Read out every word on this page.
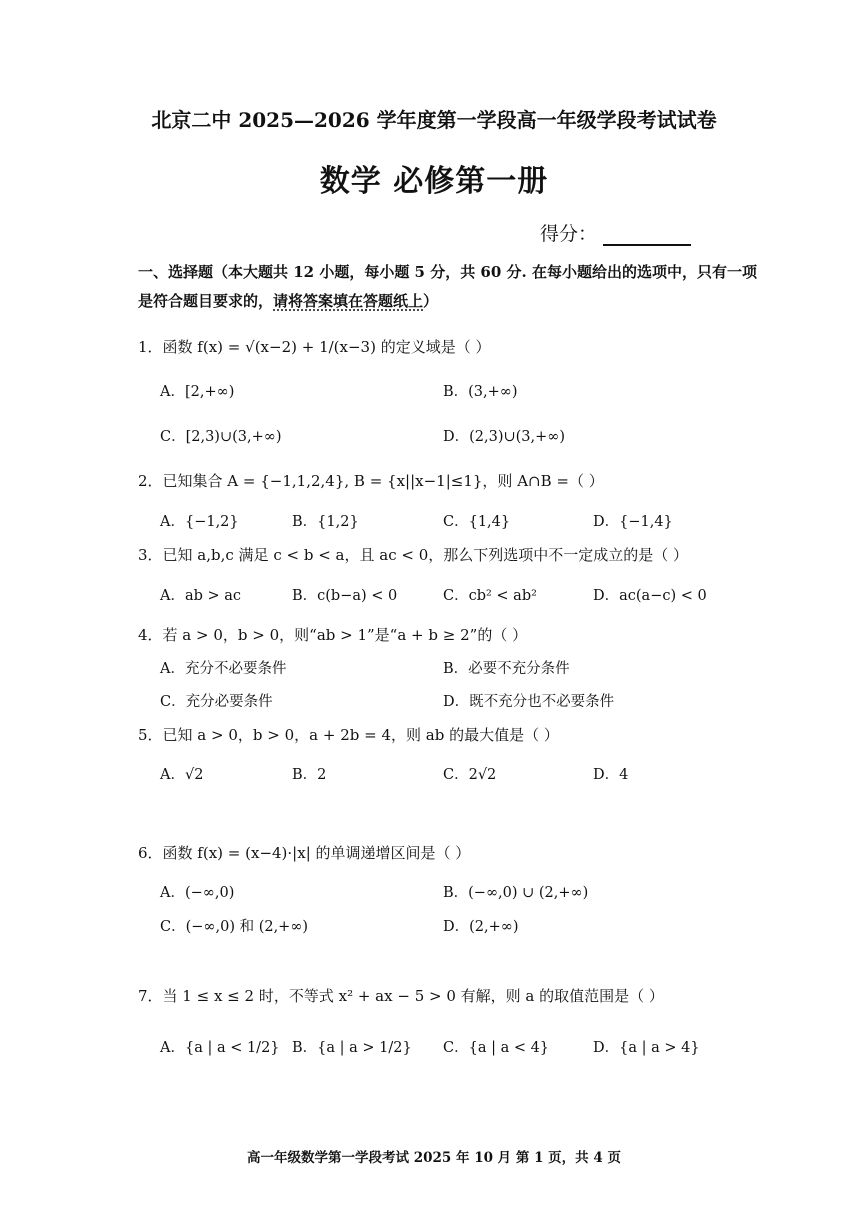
北京二中 2025—2026 学年度第一学段高一年级学段考试试卷
数学 必修第一册
得分：
一、选择题（本大题共 12 小题，每小题 5 分，共 60 分. 在每小题给出的选项中，只有一项
是符合题目要求的，请将答案填在答题纸上）
1．函数 f(x) = √(x−2) + 1/(x−3) 的定义域是（ ）
A．[2,+∞)	B．(3,+∞)
C．[2,3)∪(3,+∞)	D．(2,3)∪(3,+∞)
2．已知集合 A = {−1,1,2,4}, B = {x||x−1|≤1}，则 A∩B =（ ）
A．{−1,2}	B．{1,2}	C．{1,4}	D．{−1,4}
3．已知 a,b,c 满足 c < b < a，且 ac < 0，那么下列选项中不一定成立的是（ ）
A．ab > ac	B．c(b−a) < 0	C．cb² < ab²	D．ac(a−c) < 0
4．若 a > 0，b > 0，则“ab > 1”是“a + b ≥ 2”的（ ）
A．充分不必要条件	B．必要不充分条件
C．充分必要条件	D．既不充分也不必要条件
5．已知 a > 0，b > 0，a + 2b = 4，则 ab 的最大值是（ ）
A．√2	B．2	C．2√2	D．4
6．函数 f(x) = (x−4)·|x| 的单调递增区间是（ ）
A．(−∞,0)	B．(−∞,0) ∪ (2,+∞)
C．(−∞,0) 和 (2,+∞)	D．(2,+∞)
7．当 1 ≤ x ≤ 2 时，不等式 x² + ax − 5 > 0 有解，则 a 的取值范围是（ ）
A．{a | a < 1/2} B．{a | a > 1/2} C．{a | a < 4}	D．{a | a > 4}
高一年级数学第一学段考试 2025 年 10 月 第 1 页，共 4 页
